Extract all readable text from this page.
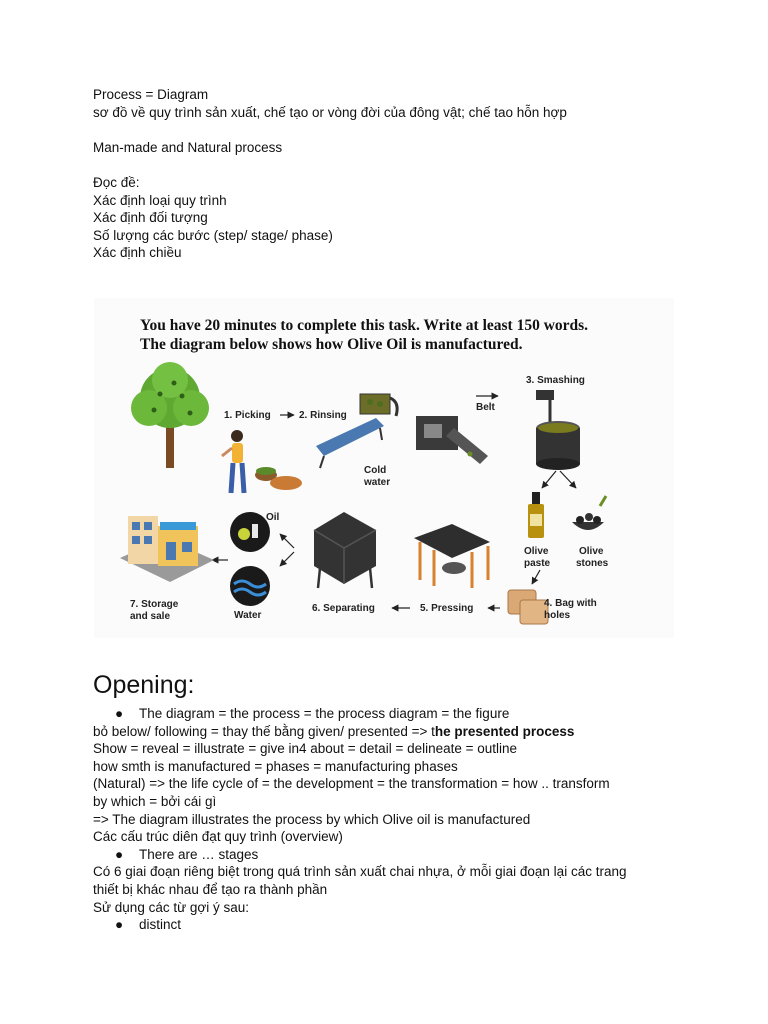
Process = Diagram
sơ đồ về quy trình sản xuất, chế tạo or vòng đời của đông vật; chế tao hỗn hợp
Man-made and Natural process
Đọc đề:
Xác định loại quy trình
Xác định đối tượng
Số lượng các bước (step/ stage/ phase)
Xác định chiều
You have 20 minutes to complete this task. Write at least 150 words.
The diagram below shows how Olive Oil is manufactured.
1. Picking	2. Rinsing
Cold
water
Belt
3. Smashing
Olive
paste
Olive
stones
4. Bag with
holes
5. Pressing
6. Separating
Oil
Water
7. Storage
and sale
Opening:
● The diagram = the process = the process diagram = the figure
bỏ below/ following = thay thế bằng given/ presented => the presented process
Show = reveal = illustrate = give in4 about = detail = delineate = outline
how smth is manufactured = phases = manufacturing phases
(Natural) => the life cycle of = the development = the transformation = how .. transform
by which = bởi cái gì
=> The diagram illustrates the process by which Olive oil is manufactured
Các cấu trúc diên đạt quy trình (overview)
● There are … stages
Có 6 giai đoạn riêng biệt trong quá trình sản xuất chai nhựa, ở mỗi giai đoạn lại các trang
thiết bị khác nhau để tạo ra thành phần
Sử dụng các từ gợi ý sau:
● distinct
